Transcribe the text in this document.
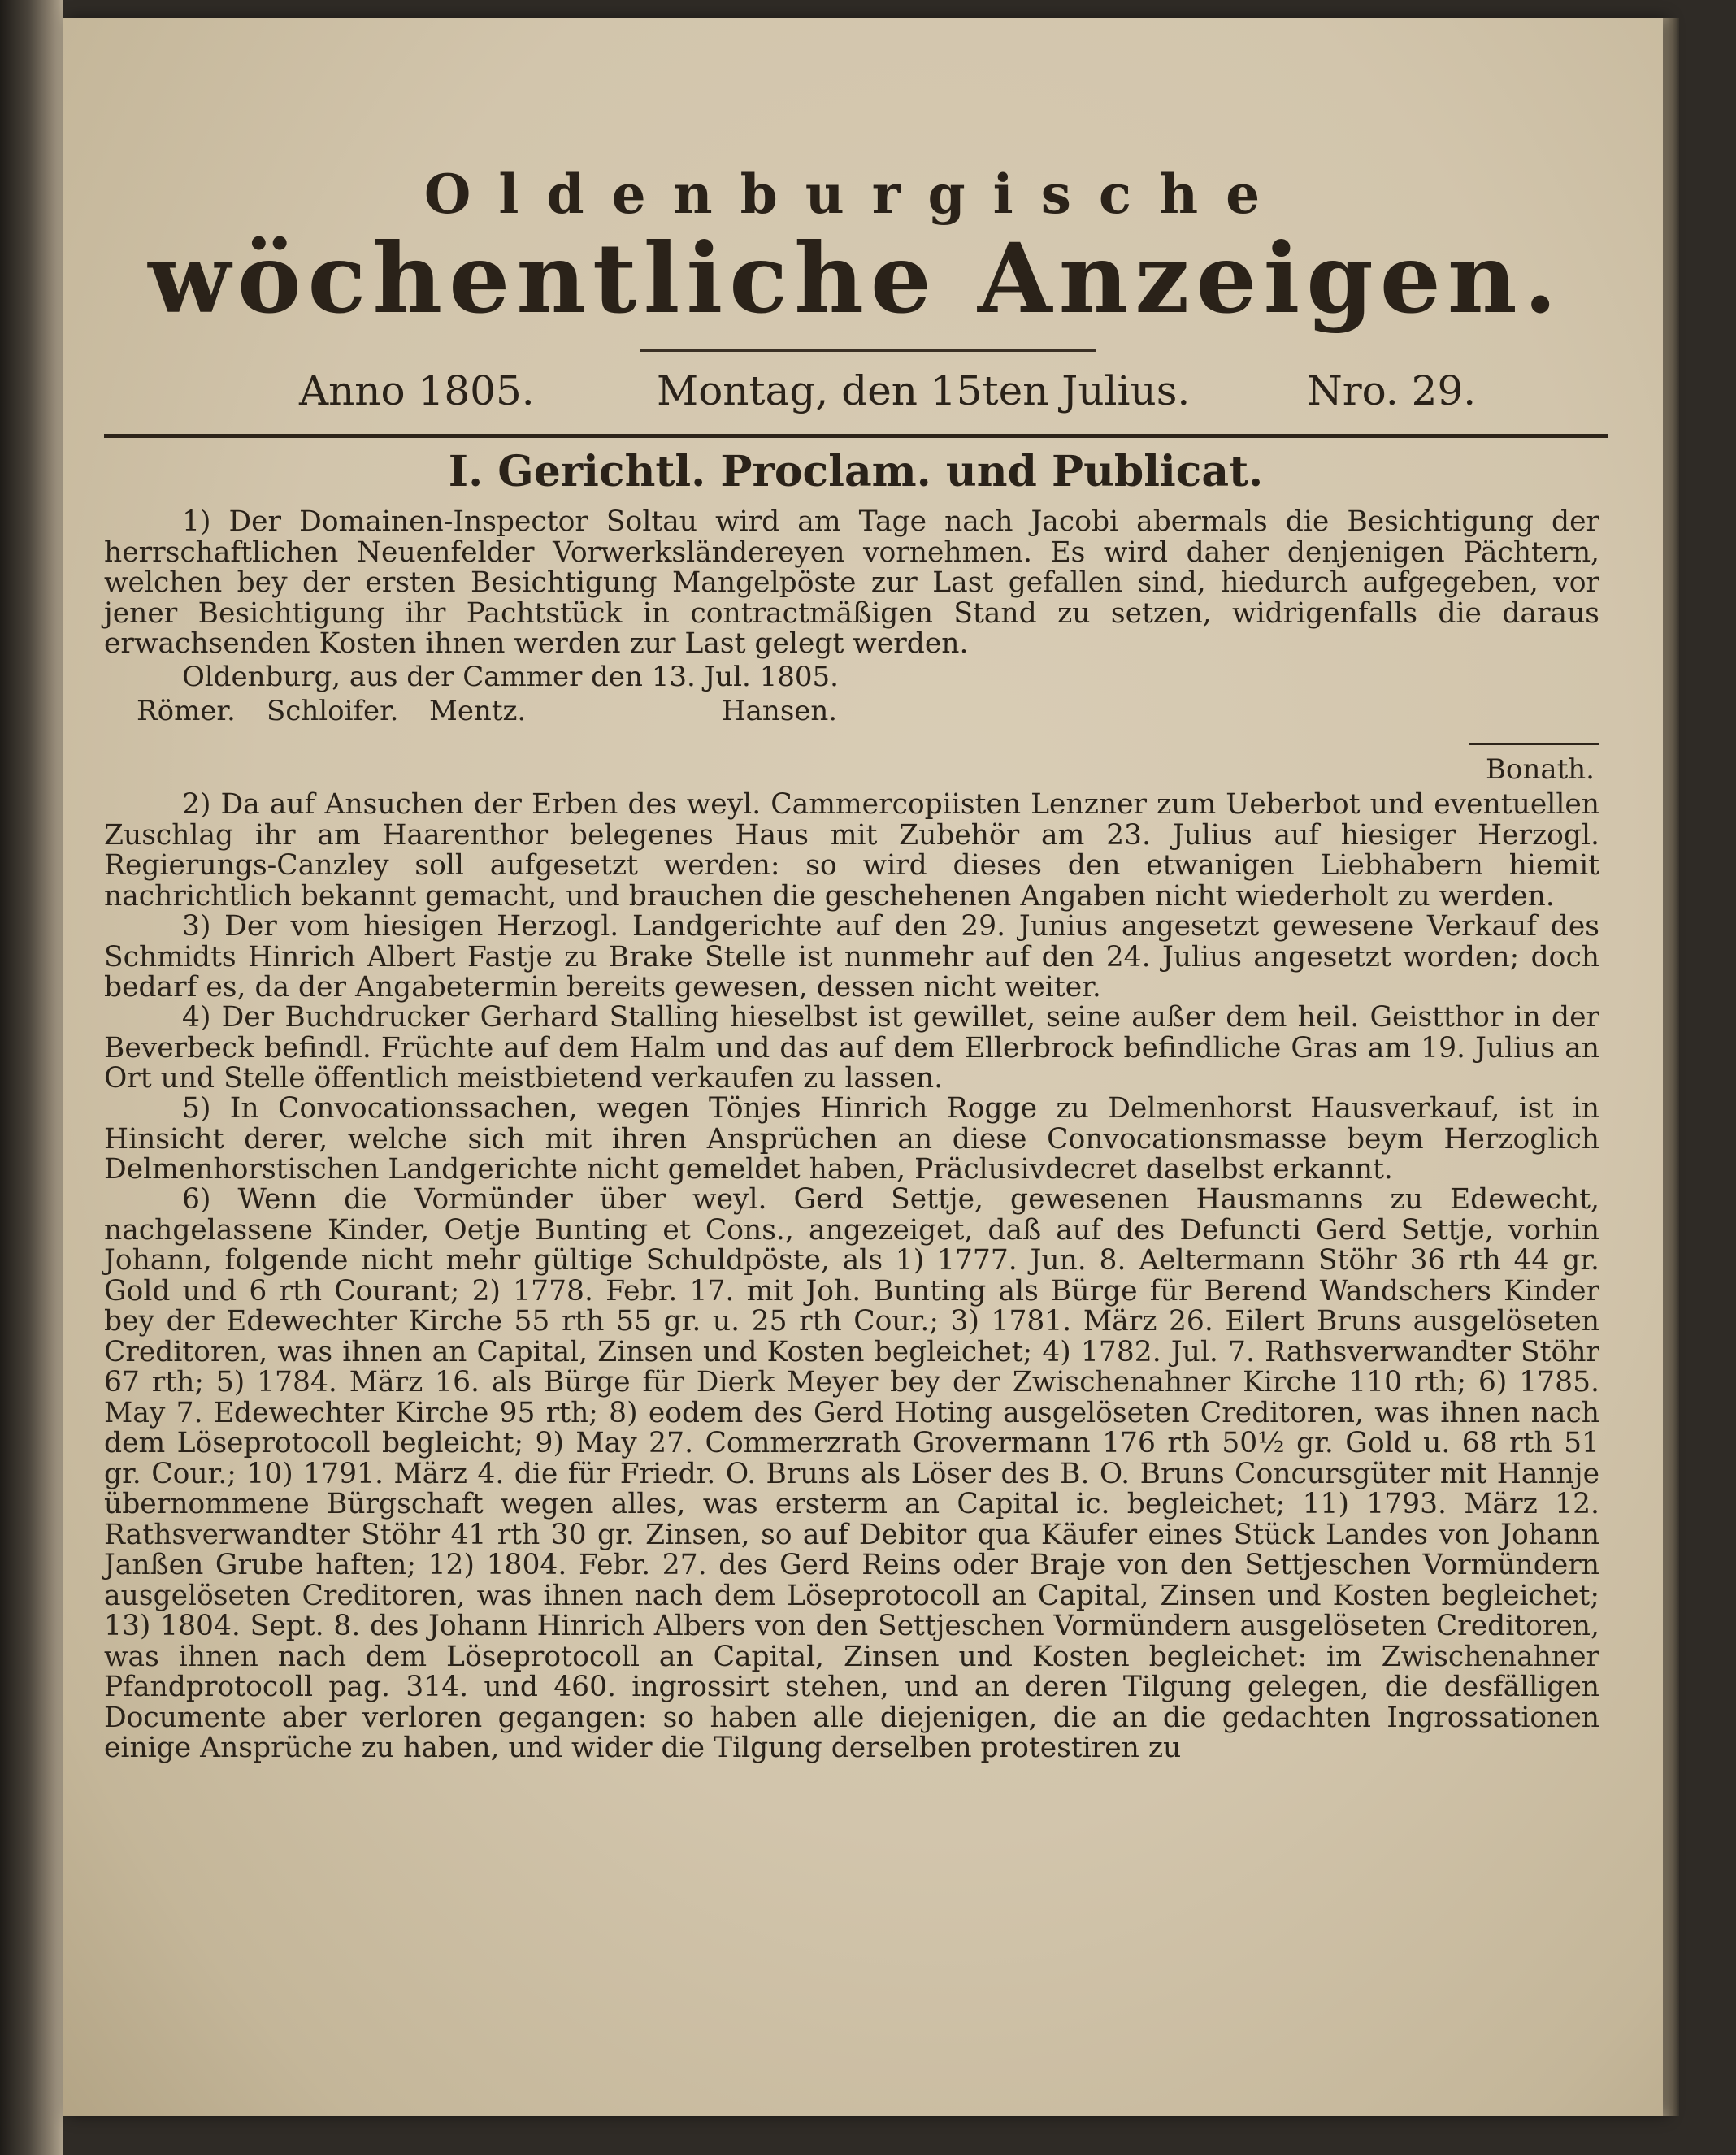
Oldenburgische
wöchentliche Anzeigen.
Anno 1805.	Montag, den 15ten Julius.	Nro. 29.
I. Gerichtl. Proclam. und Publicat.
1) Der Domainen-Inspector Soltau wird am Tage nach Jacobi abermals die Besichtigung der herrschaftlichen Neuenfelder Vorwerksländereyen vornehmen. Es wird daher denjenigen Pächtern, welchen bey der ersten Besichtigung Mangelpöste zur Last gefallen sind, hiedurch aufgegeben, vor jener Besichtigung ihr Pachtstück in contractmäßigen Stand zu setzen, widrigenfalls die daraus erwachsenden Kosten ihnen werden zur Last gelegt werden.
Oldenburg, aus der Cammer den 13. Jul. 1805.
Römer. Schloifer. Mentz.	Hansen.
Bonath.
2) Da auf Ansuchen der Erben des weyl. Cammercopiisten Lenzner zum Ueberbot und eventuellen Zuschlag ihr am Haarenthor belegenes Haus mit Zubehör am 23. Julius auf hiesiger Herzogl. Regierungs-Canzley soll aufgesetzt werden: so wird dieses den etwanigen Liebhabern hiemit nachrichtlich bekannt gemacht, und brauchen die geschehenen Angaben nicht wiederholt zu werden.
3) Der vom hiesigen Herzogl. Landgerichte auf den 29. Junius angesetzt gewesene Verkauf des Schmidts Hinrich Albert Fastje zu Brake Stelle ist nunmehr auf den 24. Julius angesetzt worden; doch bedarf es, da der Angabetermin bereits gewesen, dessen nicht weiter.
4) Der Buchdrucker Gerhard Stalling hieselbst ist gewillet, seine außer dem heil. Geistthor in der Beverbeck befindl. Früchte auf dem Halm und das auf dem Ellerbrock befindliche Gras am 19. Julius an Ort und Stelle öffentlich meistbietend verkaufen zu lassen.
5) In Convocationssachen, wegen Tönjes Hinrich Rogge zu Delmenhorst Hausverkauf, ist in Hinsicht derer, welche sich mit ihren Ansprüchen an diese Convocationsmasse beym Herzoglich Delmenhorstischen Landgerichte nicht gemeldet haben, Präclusivdecret daselbst erkannt.
6) Wenn die Vormünder über weyl. Gerd Settje, gewesenen Hausmanns zu Edewecht, nachgelassene Kinder, Oetje Bunting et Cons., angezeiget, daß auf des Defuncti Gerd Settje, vorhin Johann, folgende nicht mehr gültige Schuldpöste, als 1) 1777. Jun. 8. Aeltermann Stöhr 36 rth 44 gr. Gold und 6 rth Courant; 2) 1778. Febr. 17. mit Joh. Bunting als Bürge für Berend Wandschers Kinder bey der Edewechter Kirche 55 rth 55 gr. u. 25 rth Cour.; 3) 1781. März 26. Eilert Bruns ausgelöseten Creditoren, was ihnen an Capital, Zinsen und Kosten begleichet; 4) 1782. Jul. 7. Rathsverwandter Stöhr 67 rth; 5) 1784. März 16. als Bürge für Dierk Meyer bey der Zwischenahner Kirche 110 rth; 6) 1785. May 7. Edewechter Kirche 95 rth; 8) eodem des Gerd Hoting ausgelöseten Creditoren, was ihnen nach dem Löseprotocoll begleicht; 9) May 27. Commerzrath Grovermann 176 rth 50½ gr. Gold u. 68 rth 51 gr. Cour.; 10) 1791. März 4. die für Friedr. O. Bruns als Löser des B. O. Bruns Concursgüter mit Hannje übernommene Bürgschaft wegen alles, was ersterm an Capital ic. begleichet; 11) 1793. März 12. Rathsverwandter Stöhr 41 rth 30 gr. Zinsen, so auf Debitor qua Käufer eines Stück Landes von Johann Janßen Grube haften; 12) 1804. Febr. 27. des Gerd Reins oder Braje von den Settjeschen Vormündern ausgelöseten Creditoren, was ihnen nach dem Löseprotocoll an Capital, Zinsen und Kosten begleichet; 13) 1804. Sept. 8. des Johann Hinrich Albers von den Settjeschen Vormündern ausgelöseten Creditoren, was ihnen nach dem Löseprotocoll an Capital, Zinsen und Kosten begleichet: im Zwischenahner Pfandprotocoll pag. 314. und 460. ingrossirt stehen, und an deren Tilgung gelegen, die desfälligen Documente aber verloren gegangen: so haben alle diejenigen, die an die gedachten Ingrossationen einige Ansprüche zu haben, und wider die Tilgung derselben protestiren zu
